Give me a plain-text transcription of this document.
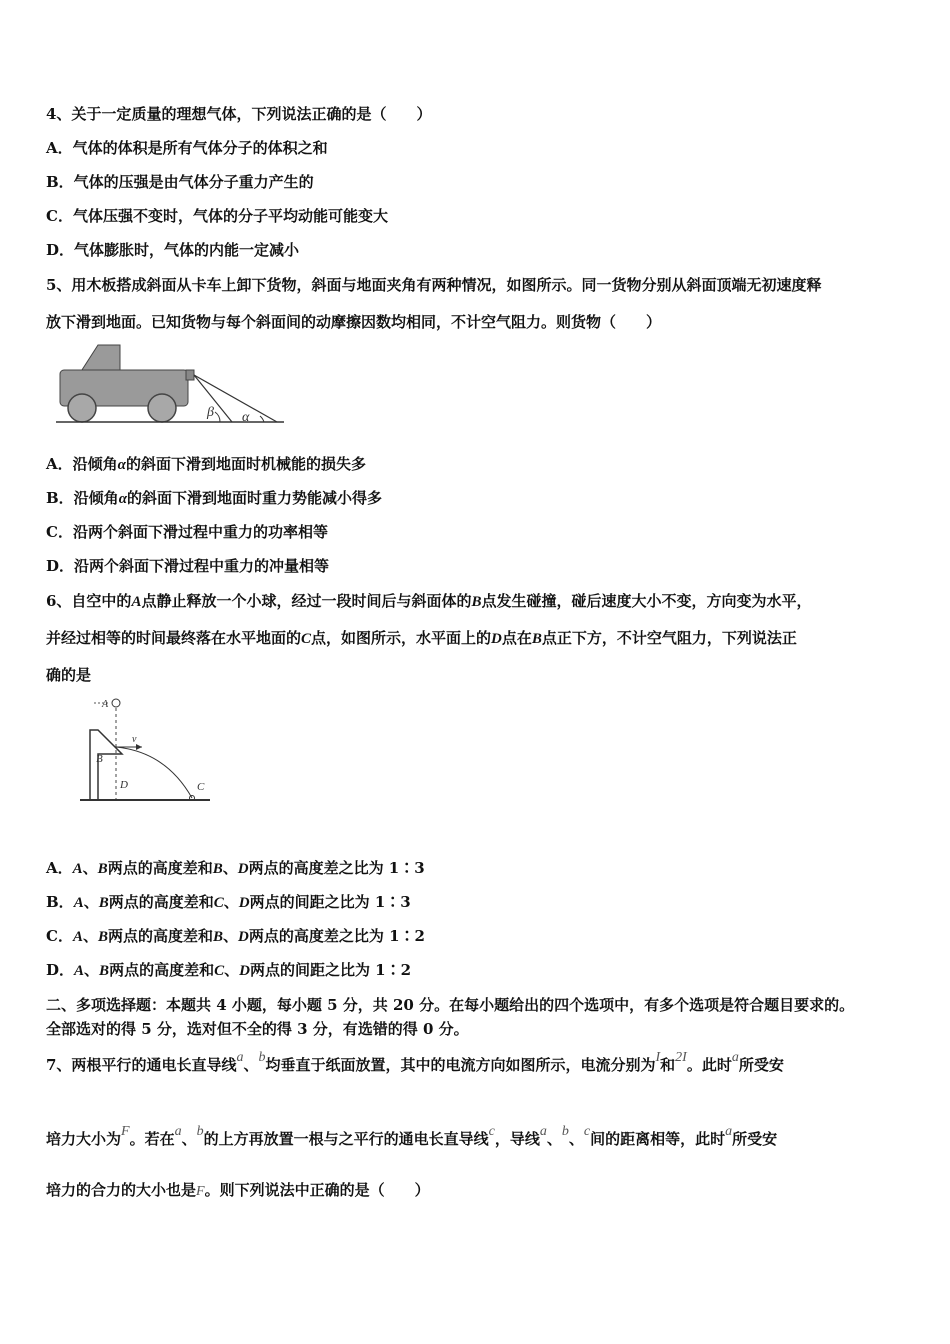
4、关于一定质量的理想气体，下列说法正确的是（　　）
A．气体的体积是所有气体分子的体积之和
B．气体的压强是由气体分子重力产生的
C．气体压强不变时，气体的分子平均动能可能变大
D．气体膨胀时，气体的内能一定减小
5、用木板搭成斜面从卡车上卸下货物，斜面与地面夹角有两种情况，如图所示。同一货物分别从斜面顶端无初速度释
放下滑到地面。已知货物与每个斜面间的动摩擦因数均相同，不计空气阻力。则货物（　　）
β α
A．沿倾角α的斜面下滑到地面时机械能的损失多
B．沿倾角α的斜面下滑到地面时重力势能减小得多
C．沿两个斜面下滑过程中重力的功率相等
D．沿两个斜面下滑过程中重力的冲量相等
6、自空中的A点静止释放一个小球，经过一段时间后与斜面体的B点发生碰撞，碰后速度大小不变，方向变为水平，
并经过相等的时间最终落在水平地面的C点，如图所示，水平面上的D点在B点正下方，不计空气阻力，下列说法正
确的是
A
B
v
C
D
A．A、B两点的高度差和B、D两点的高度差之比为 1∶3
B．A、B两点的高度差和C、D两点的间距之比为 1∶3
C．A、B两点的高度差和B、D两点的高度差之比为 1∶2
D．A、B两点的高度差和C、D两点的间距之比为 1∶2
二、多项选择题：本题共 4 小题，每小题 5 分，共 20 分。在每小题给出的四个选项中，有多个选项是符合题目要求的。
全部选对的得 5 分，选对但不全的得 3 分，有选错的得 0 分。
7、两根平行的通电长直导线a、b均垂直于纸面放置，其中的电流方向如图所示，电流分别为I和2I。此时a所受安
培力大小为F。若在a、b的上方再放置一根与之平行的通电长直导线c，导线a、b、c间的距离相等，此时a所受安
培力的合力的大小也是F。则下列说法中正确的是（　　）
